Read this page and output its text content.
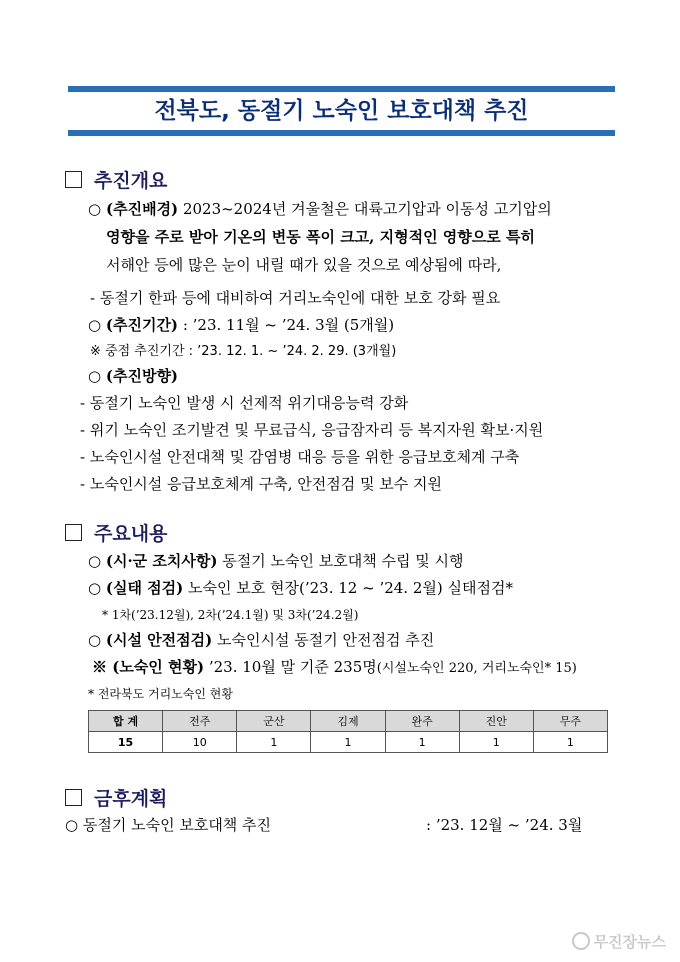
전북도, 동절기 노숙인 보호대책 추진
추진개요
○ (추진배경)
2023~2024년 겨울철은 대륙고기압과 이동성 고기압의
영향을 주로 받아 기온의 변동 폭이 크고, 지형적인 영향으로 특히
서해안 등에 많은 눈이 내릴 때가 있을 것으로 예상됨에 따라,
- 동절기 한파 등에 대비하여 거리노숙인에 대한 보호 강화 필요
○ (추진기간) : ’23. 11월 ~ ’24. 3월 (5개월)
※ 중점 추진기간 : ’23. 12. 1. ~ ’24. 2. 29. (3개월)
○ (추진방향)
- 동절기 노숙인 발생 시 선제적 위기대응능력 강화
- 위기 노숙인 조기발견 및 무료급식, 응급잠자리 등 복지자원 확보·지원
- 노숙인시설 안전대책 및 감염병 대응 등을 위한 응급보호체계 구축
- 노숙인시설 응급보호체계 구축, 안전점검 및 보수 지원
주요내용
○ (시·군 조치사항) 동절기 노숙인 보호대책 수립 및 시행
○ (실태 점검) 노숙인 보호 현장(’23. 12 ~ ’24. 2월) 실태점검*
* 1차(’23.12월), 2차(’24.1월) 및 3차(’24.2월)
○ (시설 안전점검) 노숙인시설 동절기 안전점검 추진
※ (노숙인 현황) ’23. 10월 말 기준 235명(시설노숙인 220, 거리노숙인* 15)
* 전라북도 거리노숙인 현황
합 계	전주	군산	김제	완주	진안	무주
15	10	1	1	1	1	1
금후계획
○ 동절기 노숙인 보호대책 추진	: ’23. 12월 ~ ’24. 3월
무진장뉴스
